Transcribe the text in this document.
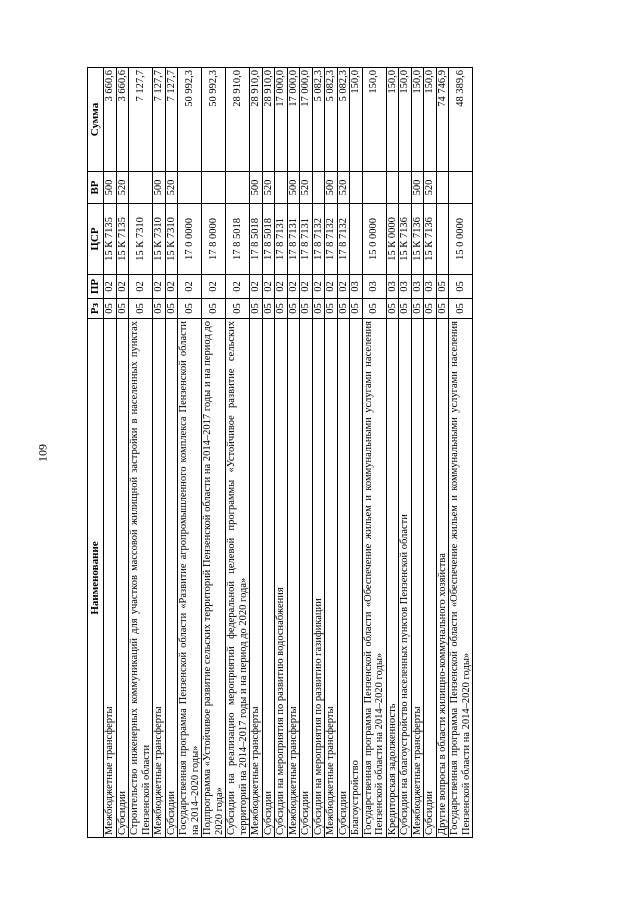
109
Наименование	Рз	ПР	ЦСР	ВР	Сумма
Межбюджетные трансферты	05	02	15 К 7135	500	3 660,6
Субсидии	05	02	15 К 7135	520	3 660,6
Строительство инженерных коммуникаций для участков массовой жилищной застройки в населенных пунктах Пензенской области	05	02	15 К 7310		7 127,7
Межбюджетные трансферты	05	02	15 К 7310	500	7 127,7
Субсидии	05	02	15 К 7310	520	7 127,7
Государственная программа Пензенской области «Развитие агропромышленного комплекса Пензенской области на 2014–2020 годы»	05	02	17 0 0000		50 992,3
Подпрограмма «Устойчивое развитие сельских территорий Пензенской области на 2014–2017 годы и на период до 2020 года»	05	02	17 8 0000		50 992,3
Субсидии на реализацию мероприятий федеральной целевой программы «Устойчивое развитие сельских территорий на 2014–2017 годы и на период до 2020 года»	05	02	17 8 5018		28 910,0
Межбюджетные трансферты	05	02	17 8 5018	500	28 910,0
Субсидии	05	02	17 8 5018	520	28 910,0
Субсидии на мероприятия по развитию водоснабжения	05	02	17 8 7131		17 000,0
Межбюджетные трансферты	05	02	17 8 7131	500	17 000,0
Субсидии	05	02	17 8 7131	520	17 000,0
Субсидии на мероприятия по развитию газификации	05	02	17 8 7132		5 082,3
Межбюджетные трансферты	05	02	17 8 7132	500	5 082,3
Субсидии	05	02	17 8 7132	520	5 082,3
Благоустройство	05	03			150,0
Государственная программа Пензенской области «Обеспечение жильем и коммунальными услугами населения Пензенской области на 2014–2020 годы»	05	03	15 0 0000		150,0
Кредиторская задолженность	05	03	15 К 0000		150,0
Субсидии на благоустройство населенных пунктов Пензенской области	05	03	15 К 7136		150,0
Межбюджетные трансферты	05	03	15 К 7136	500	150,0
Субсидии	05	03	15 К 7136	520	150,0
Другие вопросы в области жилищно-коммунального хозяйства	05	05			74 746,9
Государственная программа Пензенской области «Обеспечение жильем и коммунальными услугами населения Пензенской области на 2014–2020 годы»	05	05	15 0 0000		48 389,6
